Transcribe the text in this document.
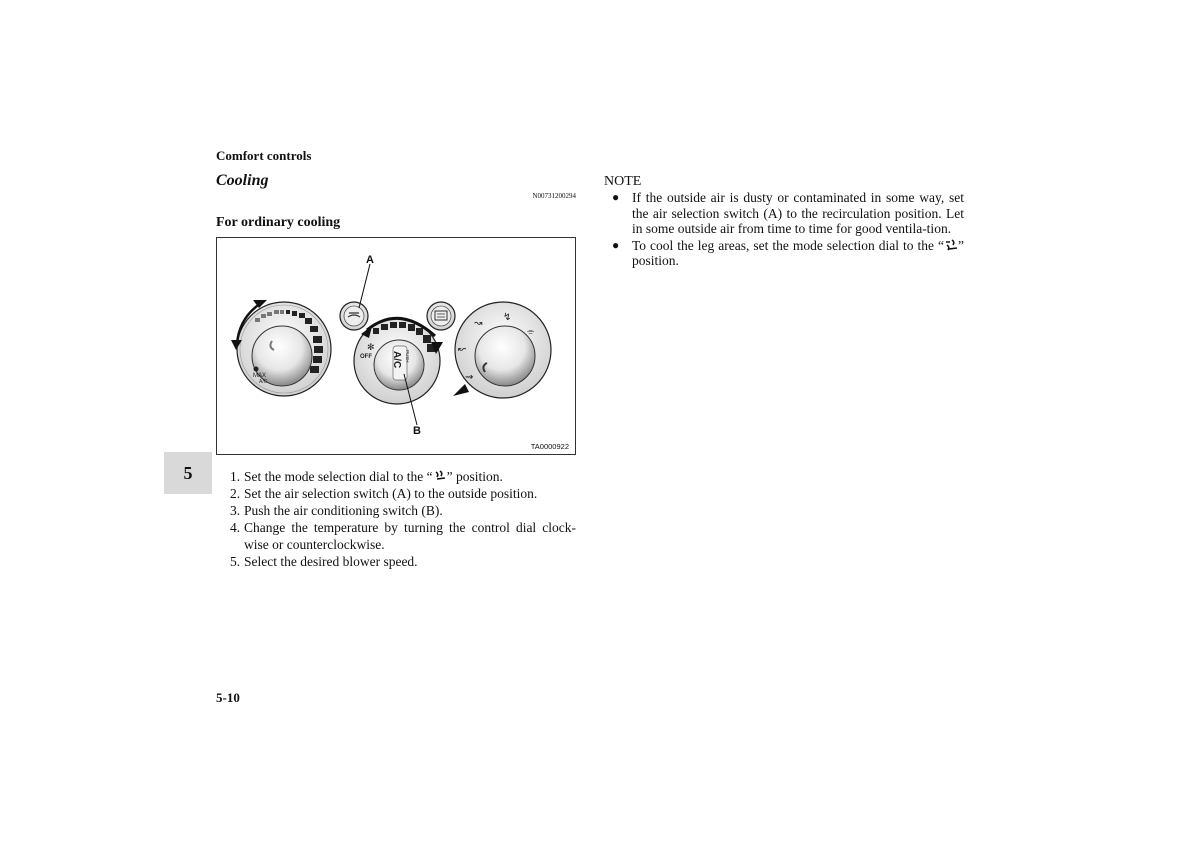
Comfort controls
Cooling
N00731200294
For ordinary cooling
MAX
A/C
A
OFF
✻
A/C PUSH
B
↝
↯
⌯
↜
⇝
TA0000922
5	1. Set the mode selection dial to the “ ” position.
2. Set the air selection switch (A) to the outside position.
3. Push the air conditioning switch (B).
4. Change the temperature by turning the control dial clock-wise or counterclockwise.
5. Select the desired blower speed.
NOTE
● If the outside air is dusty or contaminated in some way, set the air selection switch (A) to the recirculation position. Let in some outside air from time to time for good ventila-tion.
● To cool the leg areas, set the mode selection dial to the “ ” position.
5-10
